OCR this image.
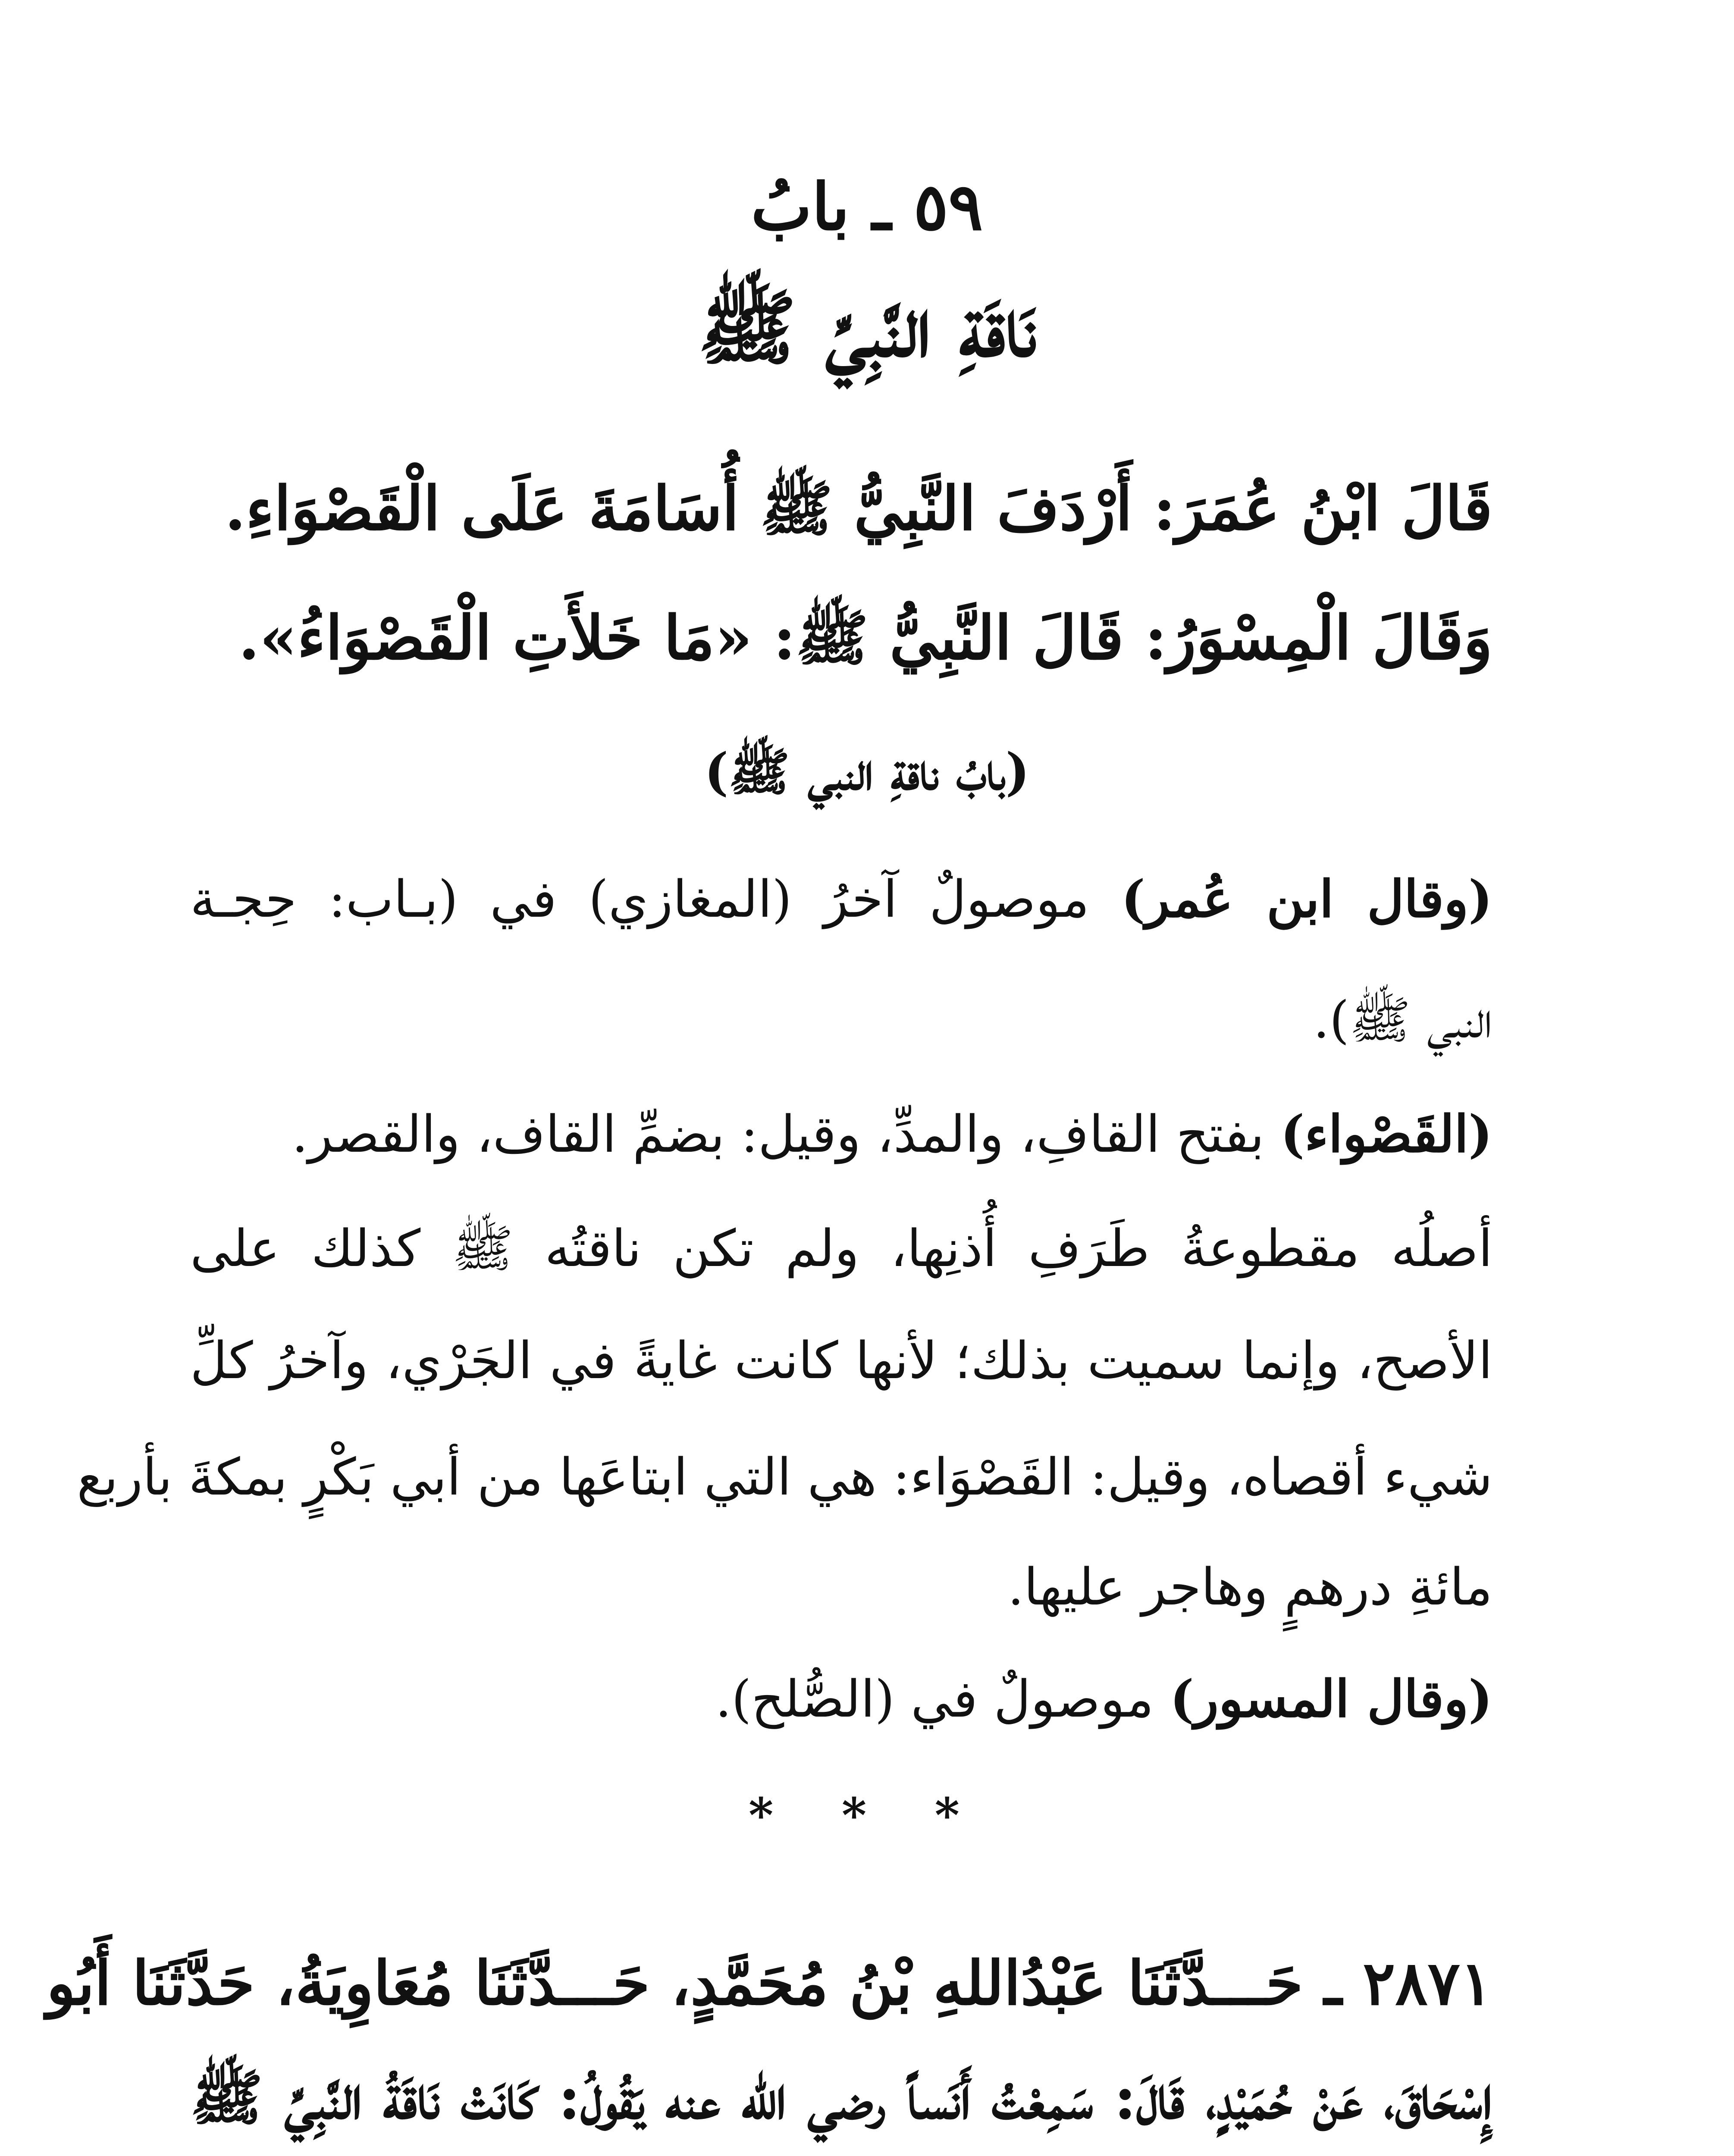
٥٩ ـ بابُ
نَاقَةِ النَّبِيِّ ﷺ
قَالَ ابْنُ عُمَرَ: أَرْدَفَ النَّبِيُّ ﷺ أُسَامَةَ عَلَى الْقَصْوَاءِ.
وَقَالَ الْمِسْوَرُ: قَالَ النَّبِيُّ ﷺ: «مَا خَلأَتِ الْقَصْوَاءُ».
(بابُ ناقةِ النبي ﷺ)
(وقال ابن عُمر) موصولٌ آخرُ (المغازي) في (بـاب: حِجـة
النبي ﷺ).
(القَصْواء) بفتح القافِ، والمدِّ، وقيل: بضمِّ القاف، والقصر.
أصلُه مقطوعةُ طَرَفِ أُذنِها، ولم تكن ناقتُه ﷺ كذلك على
الأصح، وإنما سميت بذلك؛ لأنها كانت غايةً في الجَرْي، وآخرُ كلِّ
شيء أقصاه، وقيل: القَصْوَاء: هي التي ابتاعَها من أبي بَكْرٍ بمكةَ بأربع
مائةِ درهمٍ وهاجر عليها.
(وقال المسور) موصولٌ في (الصُّلح).
* * *
٢٨٧١ ـ حَـــدَّثَنَا عَبْدُاللهِ بْنُ مُحَمَّدٍ، حَـــدَّثَنَا مُعَاوِيَةُ، حَدَّثَنَا أَبُو
إِسْحَاقَ، عَنْ حُمَيْدٍ، قَالَ: سَمِعْتُ أَنَساً رضي الله عنه يَقُولُ: كَانَتْ نَاقَةُ النَّبِيِّ ﷺ
